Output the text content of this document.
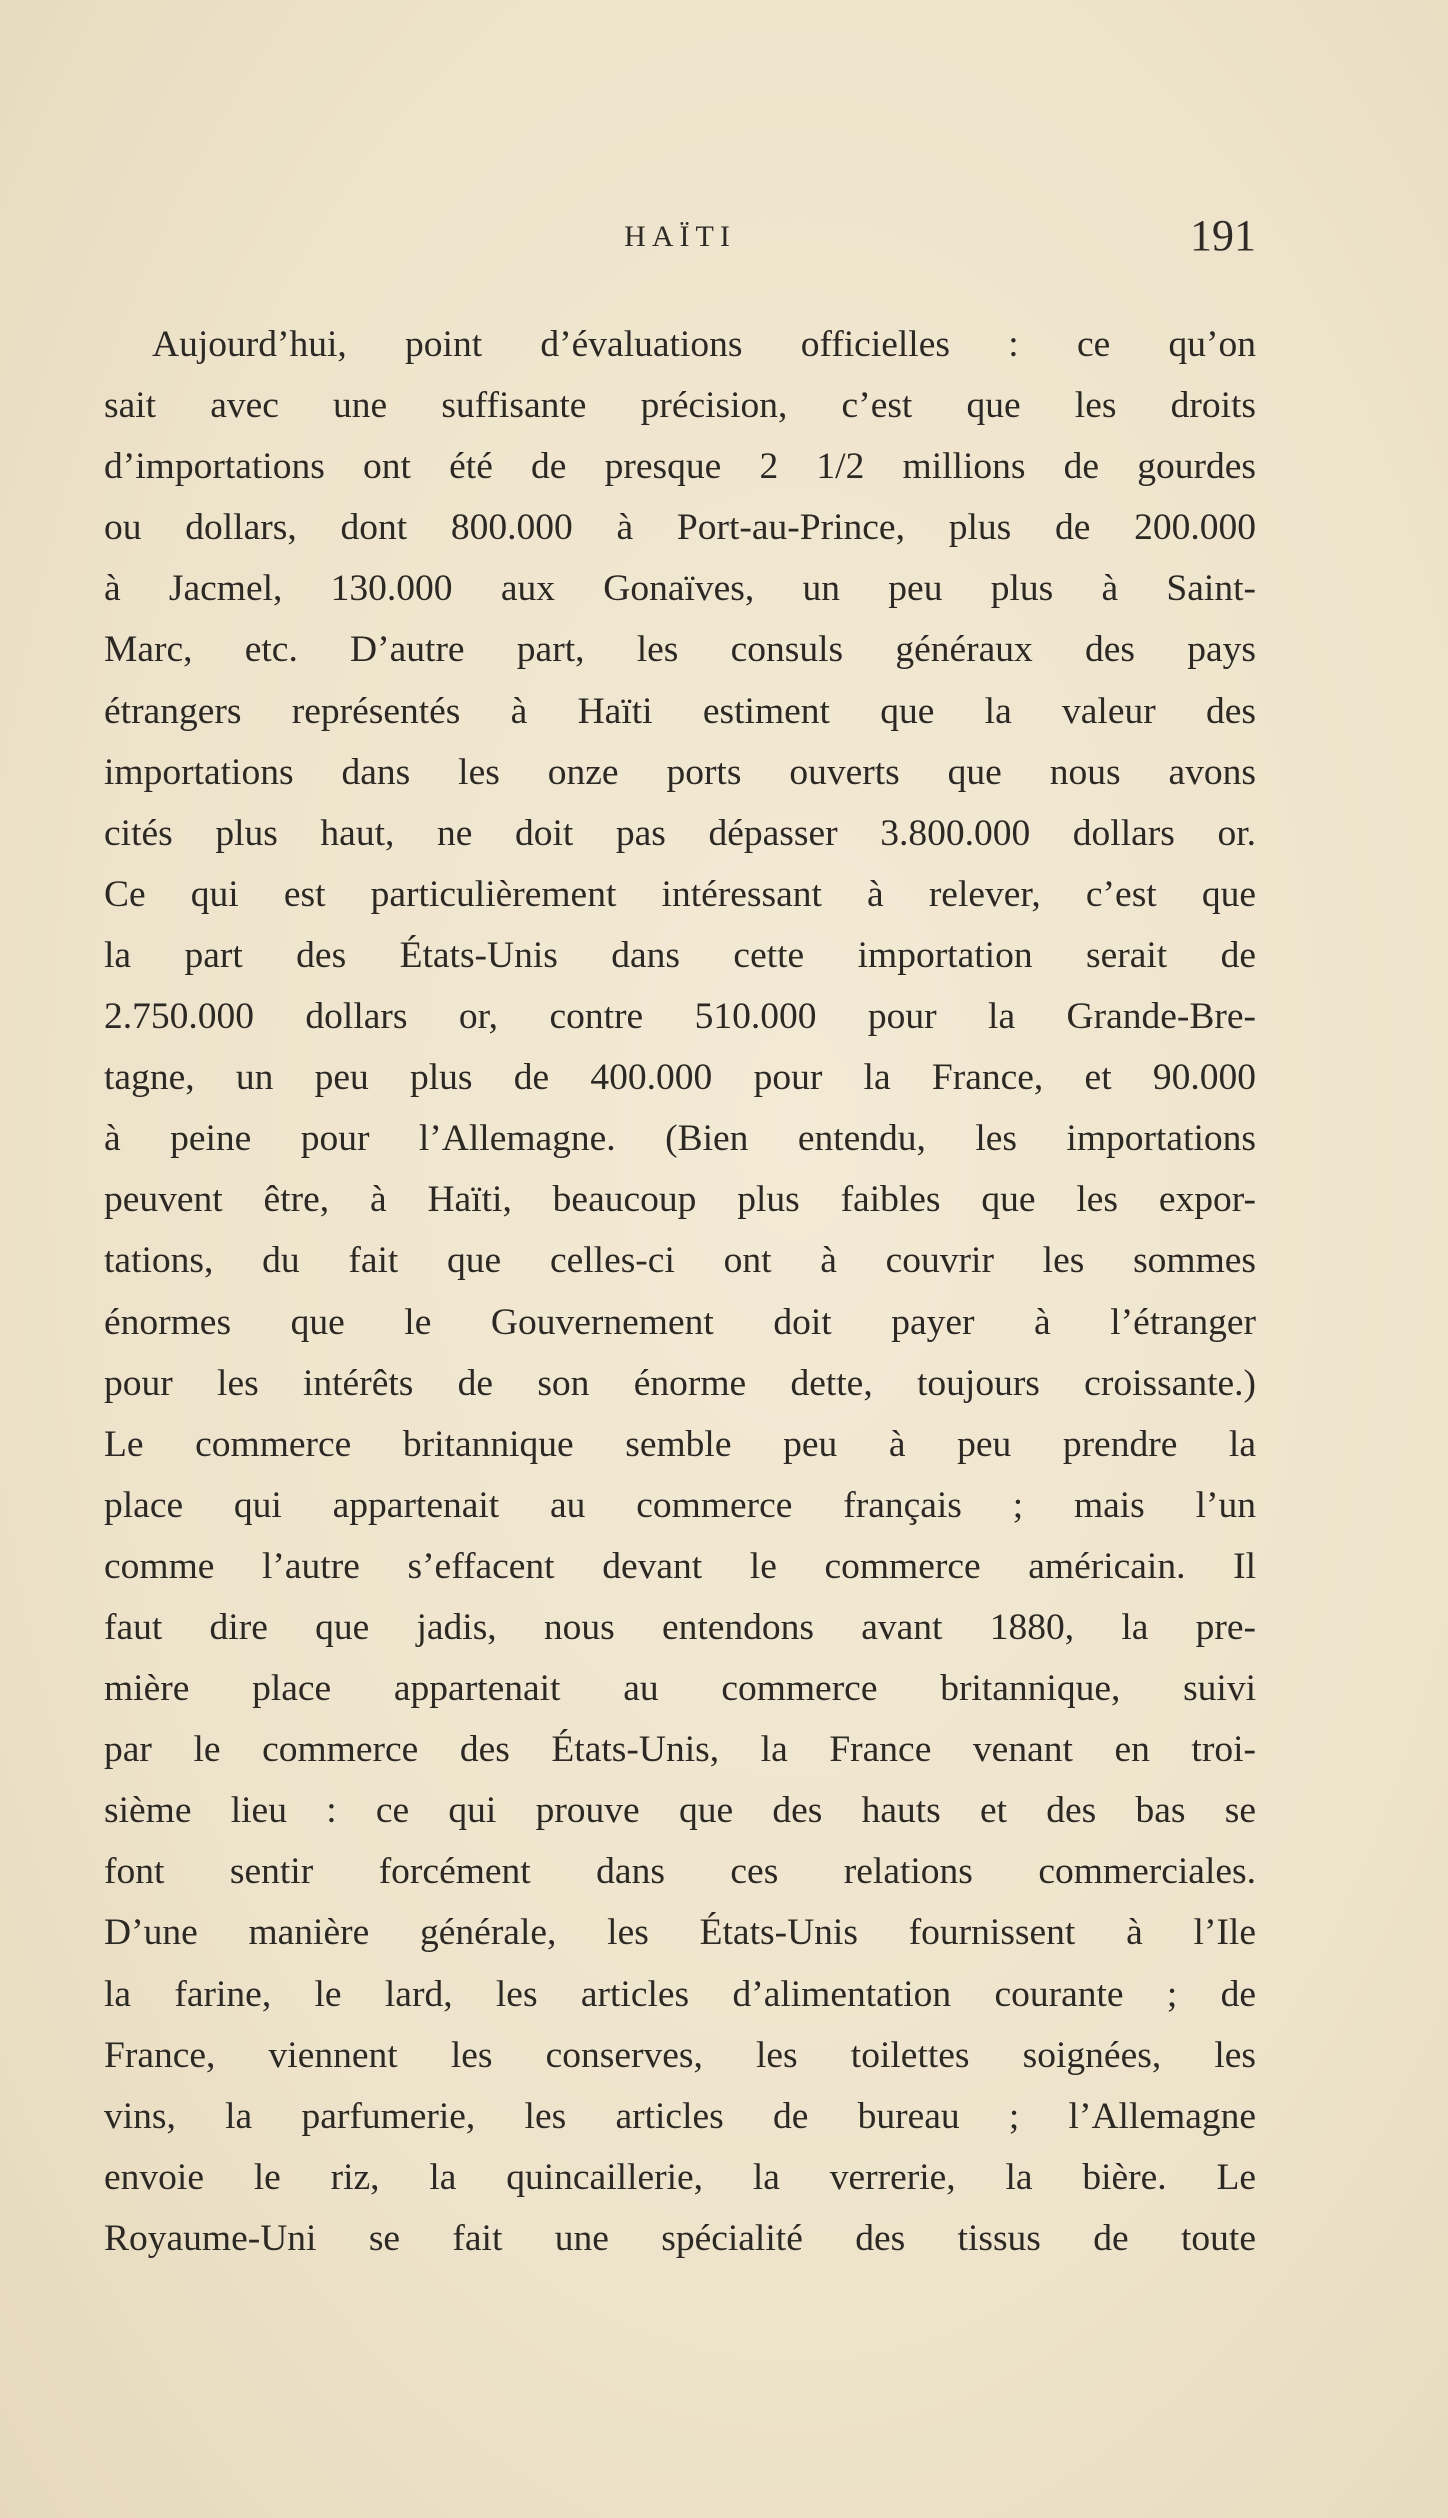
HAÏTI	191
Aujourd’hui, point d’évaluations officielles : ce qu’on
sait avec une suffisante précision, c’est que les droits
d’importations ont été de presque 2 1/2 millions de gourdes
ou dollars, dont 800.000 à Port-au-Prince, plus de 200.000
à Jacmel, 130.000 aux Gonaïves, un peu plus à Saint-
Marc, etc. D’autre part, les consuls généraux des pays
étrangers représentés à Haïti estiment que la valeur des
importations dans les onze ports ouverts que nous avons
cités plus haut, ne doit pas dépasser 3.800.000 dollars or.
Ce qui est particulièrement intéressant à relever, c’est que
la part des États-Unis dans cette importation serait de
2.750.000 dollars or, contre 510.000 pour la Grande-Bre-
tagne, un peu plus de 400.000 pour la France, et 90.000
à peine pour l’Allemagne. (Bien entendu, les importations
peuvent être, à Haïti, beaucoup plus faibles que les expor-
tations, du fait que celles-ci ont à couvrir les sommes
énormes que le Gouvernement doit payer à l’étranger
pour les intérêts de son énorme dette, toujours croissante.)
Le commerce britannique semble peu à peu prendre la
place qui appartenait au commerce français ; mais l’un
comme l’autre s’effacent devant le commerce américain. Il
faut dire que jadis, nous entendons avant 1880, la pre-
mière place appartenait au commerce britannique, suivi
par le commerce des États-Unis, la France venant en troi-
sième lieu : ce qui prouve que des hauts et des bas se
font sentir forcément dans ces relations commerciales.
D’une manière générale, les États-Unis fournissent à l’Ile
la farine, le lard, les articles d’alimentation courante ; de
France, viennent les conserves, les toilettes soignées, les
vins, la parfumerie, les articles de bureau ; l’Allemagne
envoie le riz, la quincaillerie, la verrerie, la bière. Le
Royaume-Uni se fait une spécialité des tissus de toute
